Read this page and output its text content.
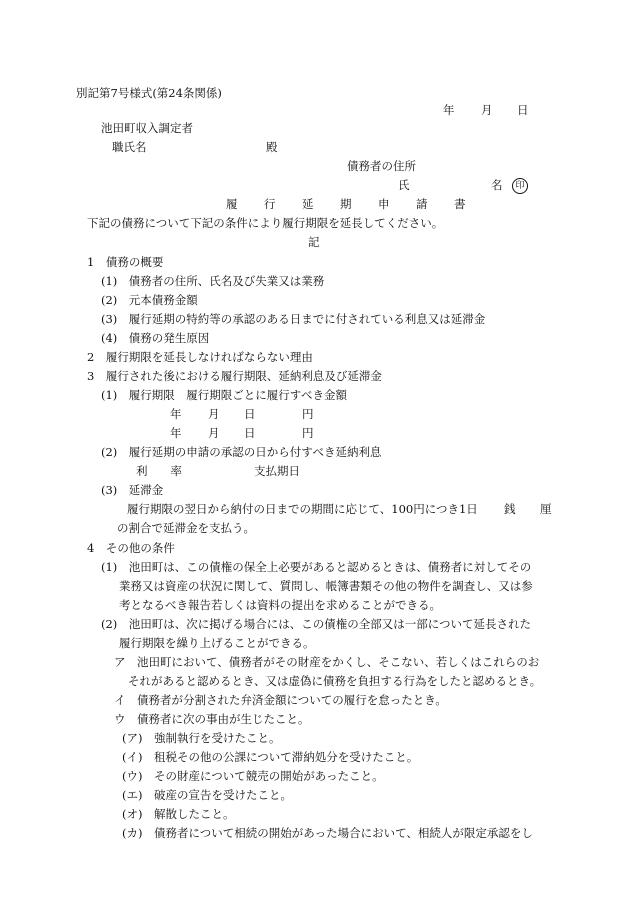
別記第7号様式(第24条関係)
年 月 日
池田町収入調定者
職氏名	殿
債務者の住所
氏	名	印
履 行 延 期 申 請 書
下記の債務について下記の条件により履行期限を延長してください。
記
1　債務の概要
(1)　債務者の住所、氏名及び失業又は業務
(2)　元本債務金額
(3)　履行延期の特約等の承認のある日までに付されている利息又は延滞金
(4)　債務の発生原因
2　履行期限を延長しなければならない理由
3　履行された後における履行期限、延納利息及び延滞金
(1)　履行期限　履行期限ごとに履行すべき金額
年 月 日	円
年 月 日	円
(2)　履行延期の申請の承認の日から付すべき延納利息
利　　率	支払期日
(3)　延滞金
履行期限の翌日から納付の日までの期間に応じて、100円につき1日 銭 厘
の割合で延滞金を支払う。
4　その他の条件
(1)　池田町は、この債権の保全上必要があると認めるときは、債務者に対してその
業務又は資産の状況に関して、質問し、帳簿書類その他の物件を調査し、又は参
考となるべき報告若しくは資料の提出を求めることができる。
(2)　池田町は、次に掲げる場合には、この債権の全部又は一部について延長された
履行期限を繰り上げることができる。
ア　池田町において、債務者がその財産をかくし、そこない、若しくはこれらのお
それがあると認めるとき、又は虚偽に債務を負担する行為をしたと認めるとき。
イ　債務者が分割された弁済金額についての履行を怠ったとき。
ウ　債務者に次の事由が生じたこと。
(ア)　強制執行を受けたこと。
(イ)　租税その他の公課について滞納処分を受けたこと。
(ウ)　その財産について競売の開始があったこと。
(エ)　破産の宣告を受けたこと。
(オ)　解散したこと。
(カ)　債務者について相続の開始があった場合において、相続人が限定承認をし
